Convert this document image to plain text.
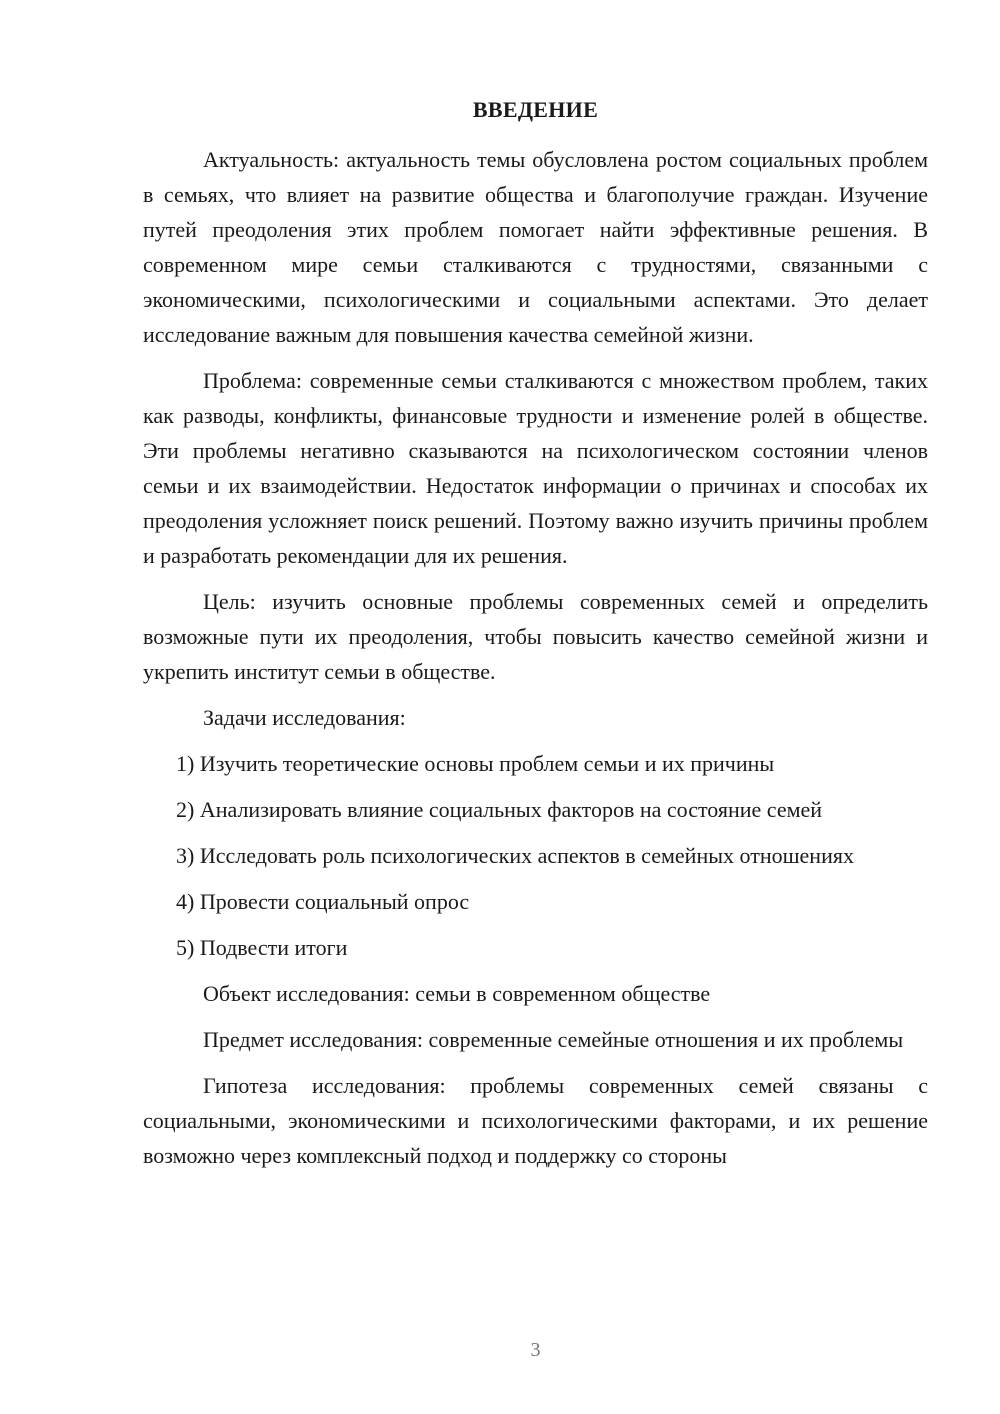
ВВЕДЕНИЕ

Актуальность: актуальность темы обусловлена ростом социальных проблем в семьях, что влияет на развитие общества и благополучие граждан. Изучение путей преодоления этих проблем помогает найти эффективные решения. В современном мире семьи сталкиваются с трудностями, связанными с экономическими, психологическими и социальными аспектами. Это делает исследование важным для повышения качества семейной жизни.

Проблема: современные семьи сталкиваются с множеством проблем, таких как разводы, конфликты, финансовые трудности и изменение ролей в обществе. Эти проблемы негативно сказываются на психологическом состоянии членов семьи и их взаимодействии. Недостаток информации о причинах и способах их преодоления усложняет поиск решений. Поэтому важно изучить причины проблем и разработать рекомендации для их решения.

Цель: изучить основные проблемы современных семей и определить возможные пути их преодоления, чтобы повысить качество семейной жизни и укрепить институт семьи в обществе.

Задачи исследования:

1) Изучить теоретические основы проблем семьи и их причины

2) Анализировать влияние социальных факторов на состояние семей

3) Исследовать роль психологических аспектов в семейных отношениях

4) Провести социальный опрос

5) Подвести итоги

Объект исследования: семьи в современном обществе

Предмет исследования: современные семейные отношения и их проблемы

Гипотеза исследования: проблемы современных семей связаны с социальными, экономическими и психологическими факторами, и их решение возможно через комплексный подход и поддержку со стороны

3
